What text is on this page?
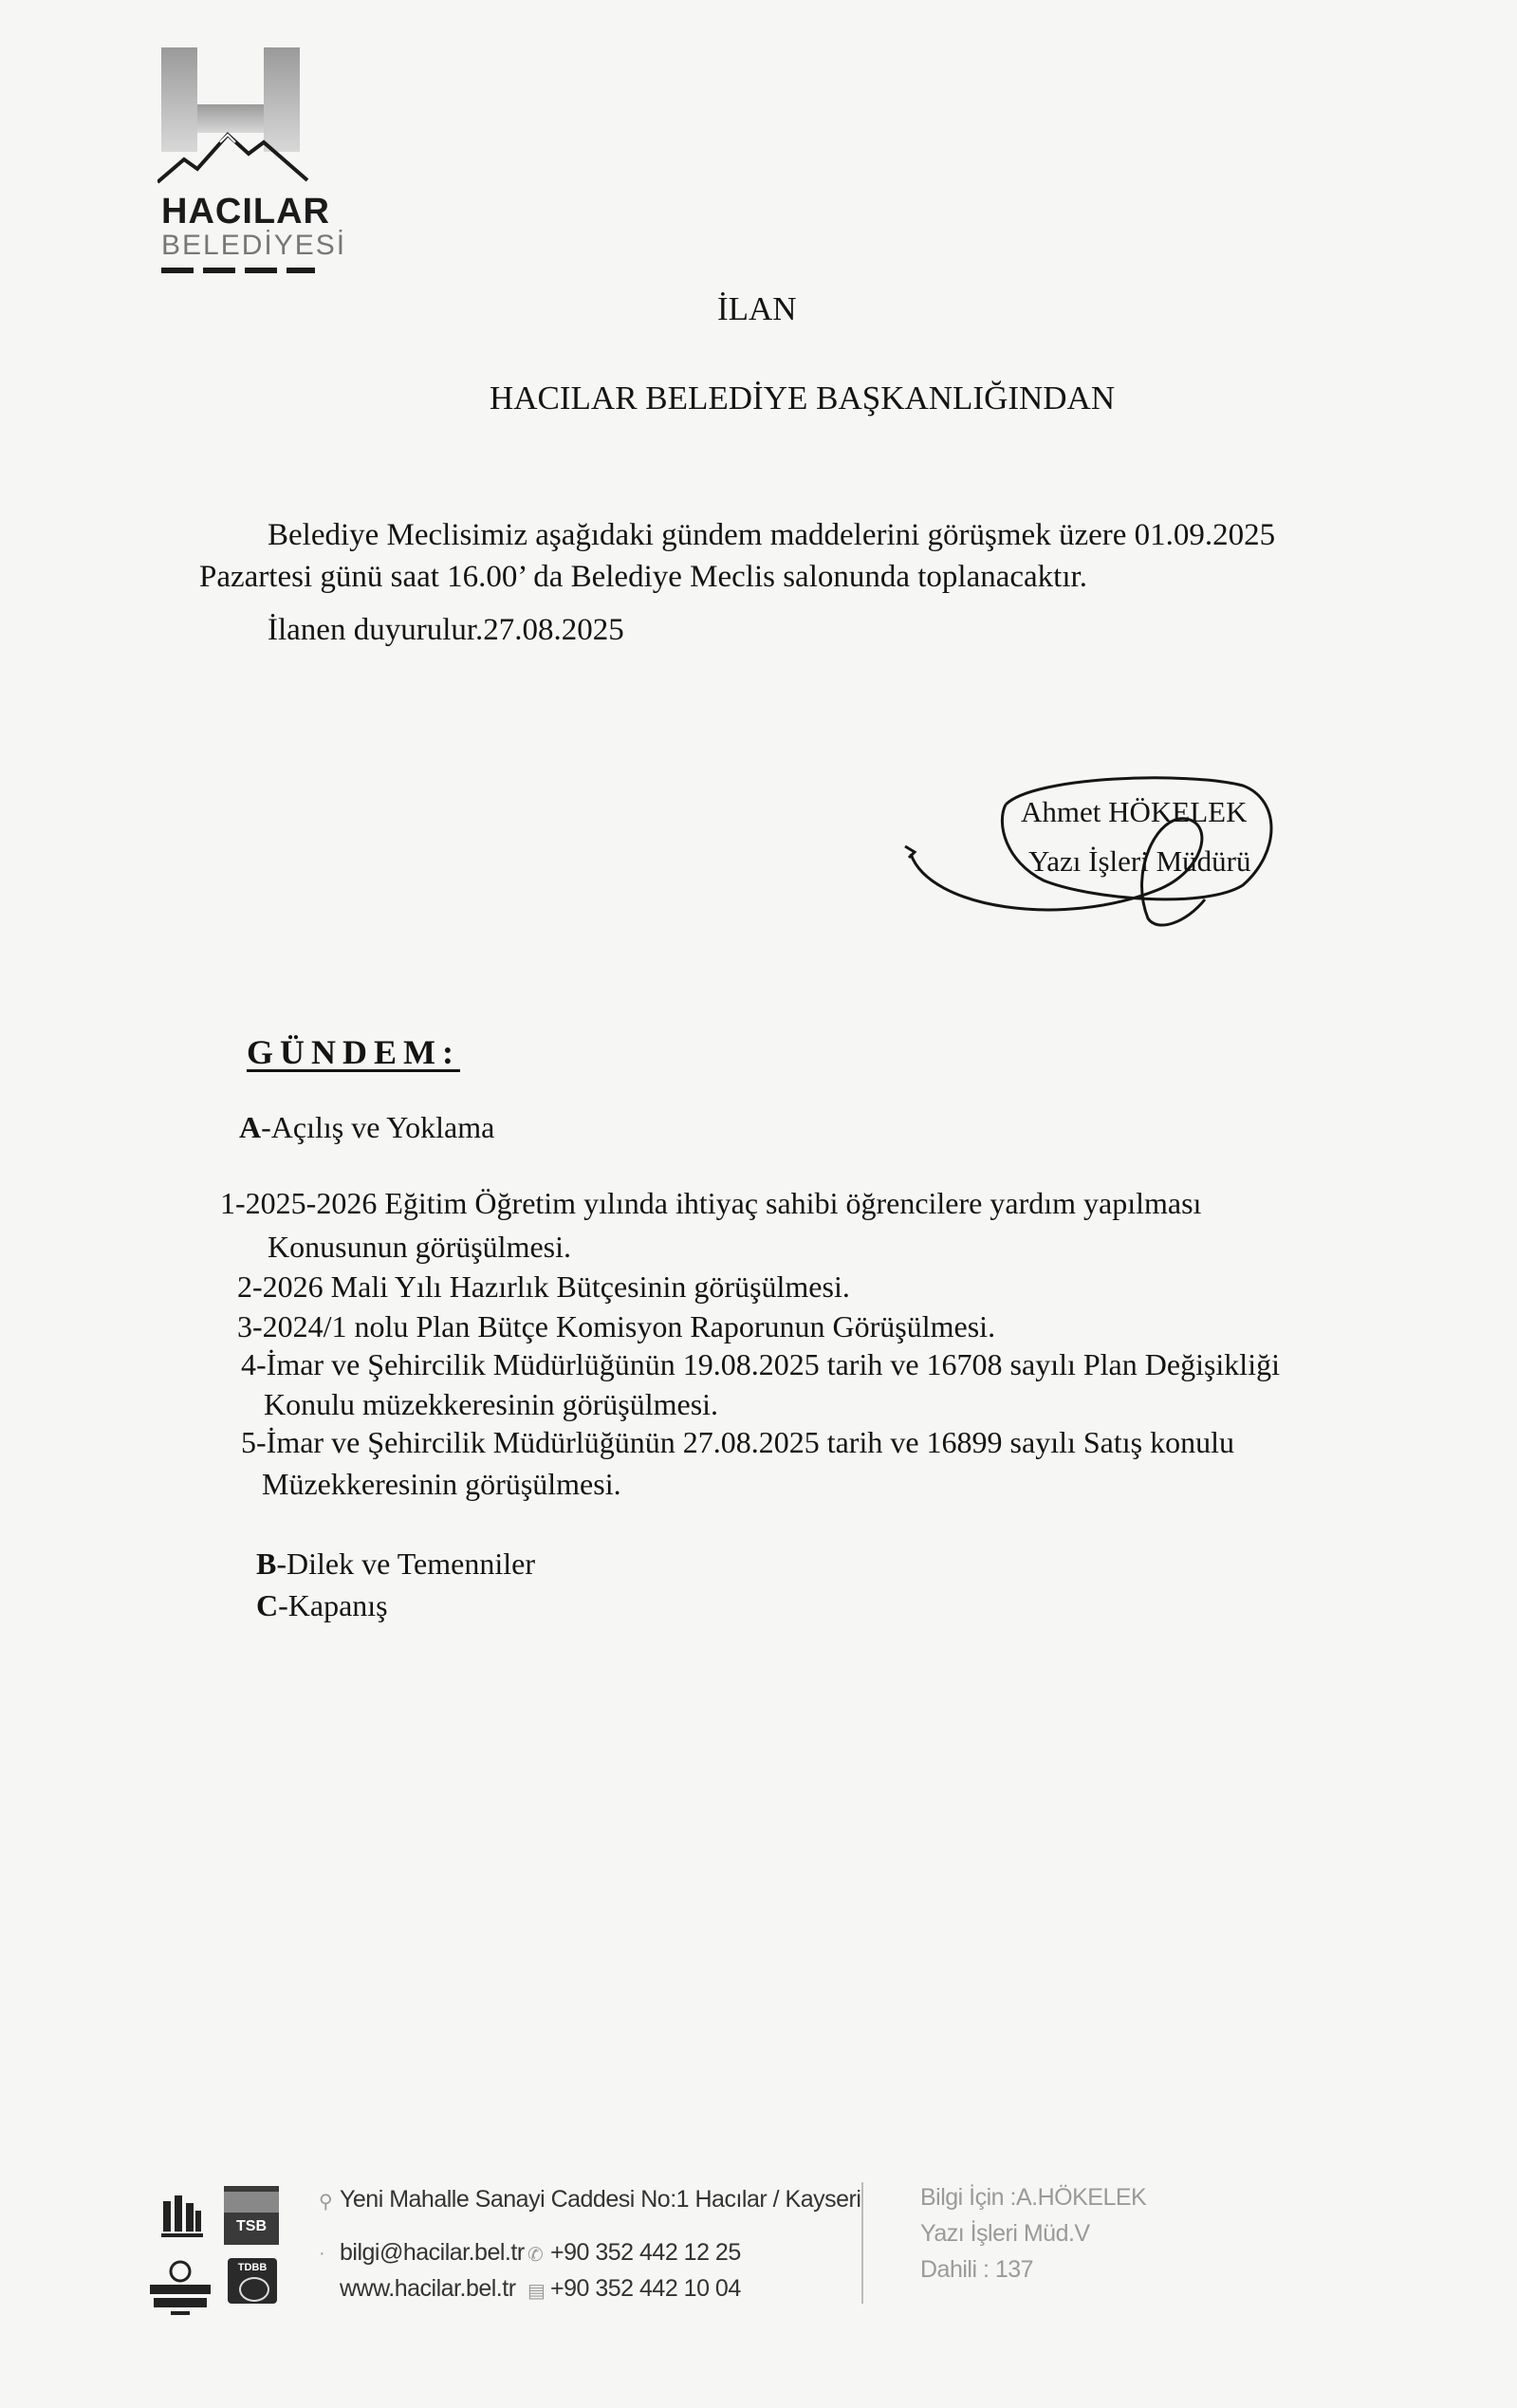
HACILAR
BELEDİYESİ
İLAN
HACILAR BELEDİYE BAŞKANLIĞINDAN
Belediye Meclisimiz aşağıdaki gündem maddelerini görüşmek üzere 01.09.2025
Pazartesi günü saat 16.00’ da Belediye Meclis salonunda toplanacaktır.
İlanen duyurulur.27.08.2025
Ahmet HÖKELEK
Yazı İşleri Müdürü
GÜNDEM:
A-Açılış ve Yoklama
1-2025-2026 Eğitim Öğretim yılında ihtiyaç sahibi öğrencilere yardım yapılması
Konusunun görüşülmesi.
2-2026 Mali Yılı Hazırlık Bütçesinin görüşülmesi.
3-2024/1 nolu Plan Bütçe Komisyon Raporunun Görüşülmesi.
4-İmar ve Şehircilik Müdürlüğünün 19.08.2025 tarih ve 16708 sayılı Plan Değişikliği
Konulu müzekkeresinin görüşülmesi.
5-İmar ve Şehircilik Müdürlüğünün 27.08.2025 tarih ve 16899 sayılı Satış konulu
Müzekkeresinin görüşülmesi.
B-Dilek ve Temenniler
C-Kapanış
TSB
TDBB
⚲ Yeni Mahalle Sanayi Caddesi No:1 Hacılar / Kayseri
· bilgi@hacilar.bel.tr ✆ +90 352 442 12 25
www.hacilar.bel.tr ▤ +90 352 442 10 04
Bilgi İçin :A.HÖKELEK
Yazı İşleri Müd.V
Dahili : 137
